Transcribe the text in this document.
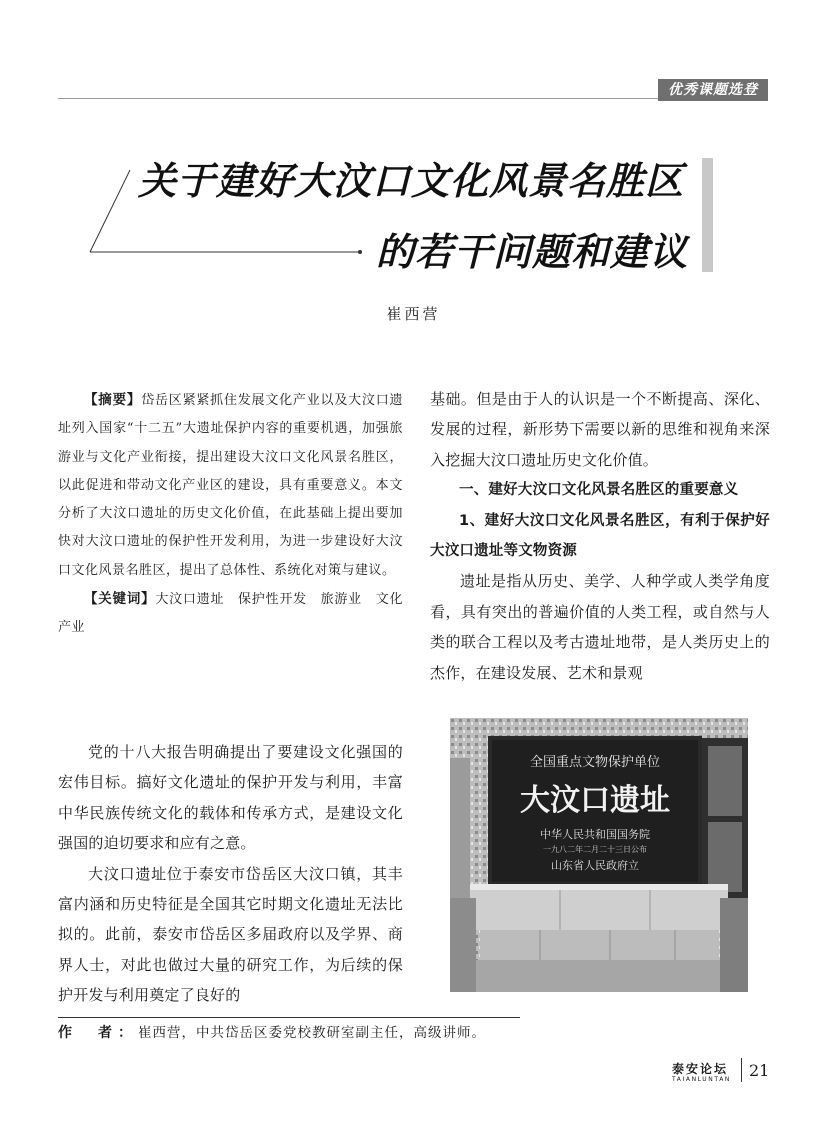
优秀课题选登
关于建好大汶口文化风景名胜区
的若干问题和建议
崔西营

【摘要】岱岳区紧紧抓住发展文化产业以及大汶口遗址列入国家“十二五”大遗址保护内容的重要机遇，加强旅游业与文化产业衔接，提出建设大汶口文化风景名胜区，以此促进和带动文化产业区的建设，具有重要意义。本文分析了大汶口遗址的历史文化价值，在此基础上提出要加快对大汶口遗址的保护性开发利用，为进一步建设好大汶口文化风景名胜区，提出了总体性、系统化对策与建议。

【关键词】大汶口遗址　保护性开发　旅游业　文化产业

党的十八大报告明确提出了要建设文化强国的宏伟目标。搞好文化遗址的保护开发与利用，丰富中华民族传统文化的载体和传承方式，是建设文化强国的迫切要求和应有之意。

大汶口遗址位于泰安市岱岳区大汶口镇，其丰富内涵和历史特征是全国其它时期文化遗址无法比拟的。此前，泰安市岱岳区多届政府以及学界、商界人士，对此也做过大量的研究工作，为后续的保护开发与利用奠定了良好的

基础。但是由于人的认识是一个不断提高、深化、发展的过程，新形势下需要以新的思维和视角来深入挖掘大汶口遗址历史文化价值。

一、建好大汶口文化风景名胜区的重要意义

1、建好大汶口文化风景名胜区，有利于保护好大汶口遗址等文物资源

遗址是指从历史、美学、人种学或人类学角度看，具有突出的普遍价值的人类工程，或自然与人类的联合工程以及考古遗址地带，是人类历史上的杰作，在建设发展、艺术和景观

全国重点文物保护单位
大汶口遗址
中华人民共和国国务院
一九八二年二月二十三日公布
山东省人民政府立
作　者：崔西营，中共岱岳区委党校教研室副主任，高级讲师。
泰安论坛
TAIANLUNTAN 21
